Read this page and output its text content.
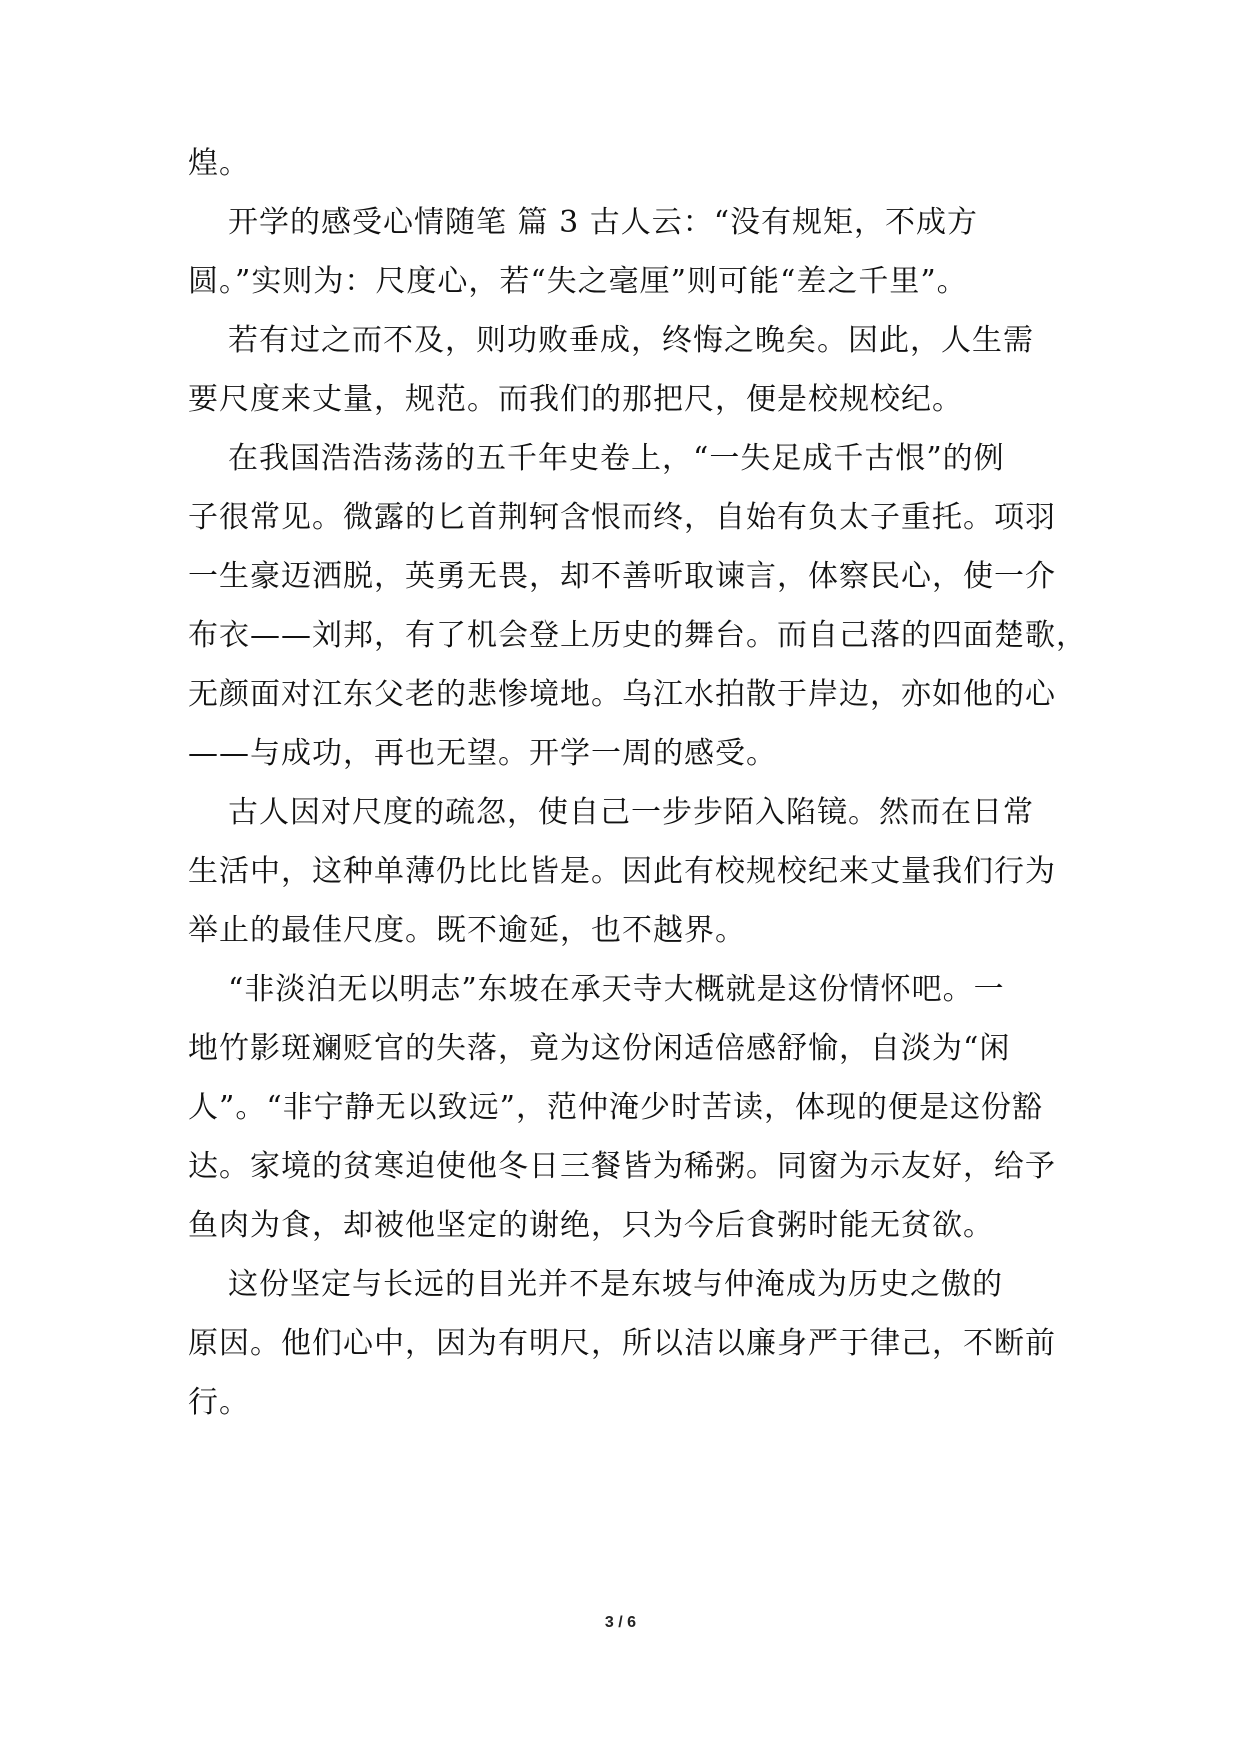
煌。
开学的感受心情随笔 篇 3 古人云：“没有规矩，不成方
圆。”实则为：尺度心，若“失之毫厘”则可能“差之千里”。
若有过之而不及，则功败垂成，终悔之晚矣。因此，人生需
要尺度来丈量，规范。而我们的那把尺，便是校规校纪。
在我国浩浩荡荡的五千年史卷上，“一失足成千古恨”的例
子很常见。微露的匕首荆轲含恨而终，自始有负太子重托。项羽
一生豪迈洒脱，英勇无畏，却不善听取谏言，体察民心，使一介
布衣——刘邦，有了机会登上历史的舞台。而自己落的四面楚歌，
无颜面对江东父老的悲惨境地。乌江水拍散于岸边，亦如他的心
——与成功，再也无望。开学一周的感受。
古人因对尺度的疏忽，使自己一步步陌入陷镜。然而在日常
生活中，这种单薄仍比比皆是。因此有校规校纪来丈量我们行为
举止的最佳尺度。既不逾延，也不越界。
“非淡泊无以明志”东坡在承天寺大概就是这份情怀吧。一
地竹影斑斓贬官的失落，竟为这份闲适倍感舒愉，自淡为“闲
人”。“非宁静无以致远”，范仲淹少时苦读，体现的便是这份豁
达。家境的贫寒迫使他冬日三餐皆为稀粥。同窗为示友好，给予
鱼肉为食，却被他坚定的谢绝，只为今后食粥时能无贫欲。
这份坚定与长远的目光并不是东坡与仲淹成为历史之傲的
原因。他们心中，因为有明尺，所以洁以廉身严于律己，不断前
行。
3 / 6
